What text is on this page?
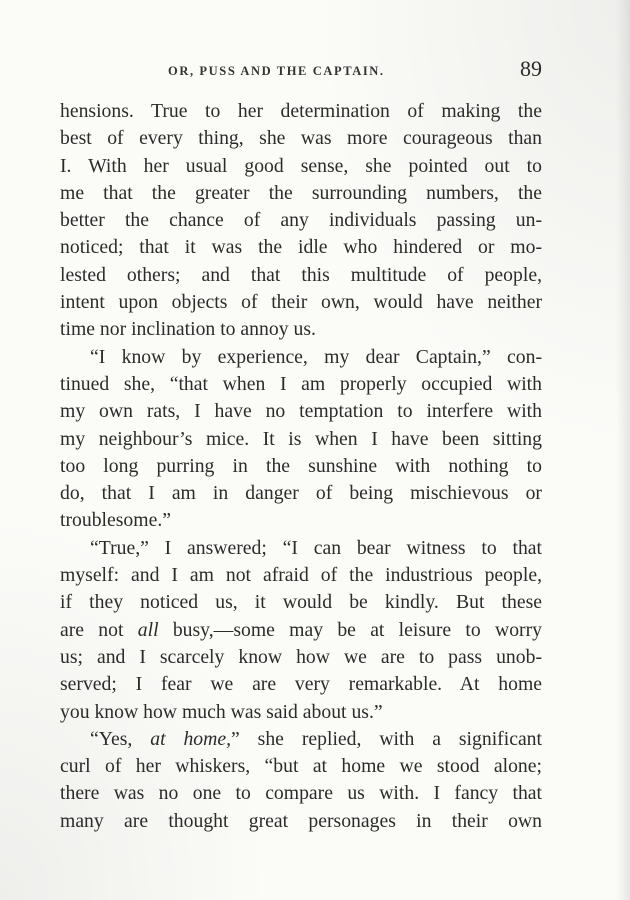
OR, PUSS AND THE CAPTAIN.	89
hensions. True to her determination of making the
best of every thing, she was more courageous than
I. With her usual good sense, she pointed out to
me that the greater the surrounding numbers, the
better the chance of any individuals passing un-
noticed; that it was the idle who hindered or mo-
lested others; and that this multitude of people,
intent upon objects of their own, would have neither
time nor inclination to annoy us.
“I know by experience, my dear Captain,” con-
tinued she, “that when I am properly occupied with
my own rats, I have no temptation to interfere with
my neighbour’s mice. It is when I have been sitting
too long purring in the sunshine with nothing to
do, that I am in danger of being mischievous or
troublesome.”
“True,” I answered; “I can bear witness to that
myself: and I am not afraid of the industrious people,
if they noticed us, it would be kindly. But these
are not all busy,—some may be at leisure to worry
us; and I scarcely know how we are to pass unob-
served; I fear we are very remarkable. At home
you know how much was said about us.”
“Yes, at home,” she replied, with a significant
curl of her whiskers, “but at home we stood alone;
there was no one to compare us with. I fancy that
many are thought great personages in their own
